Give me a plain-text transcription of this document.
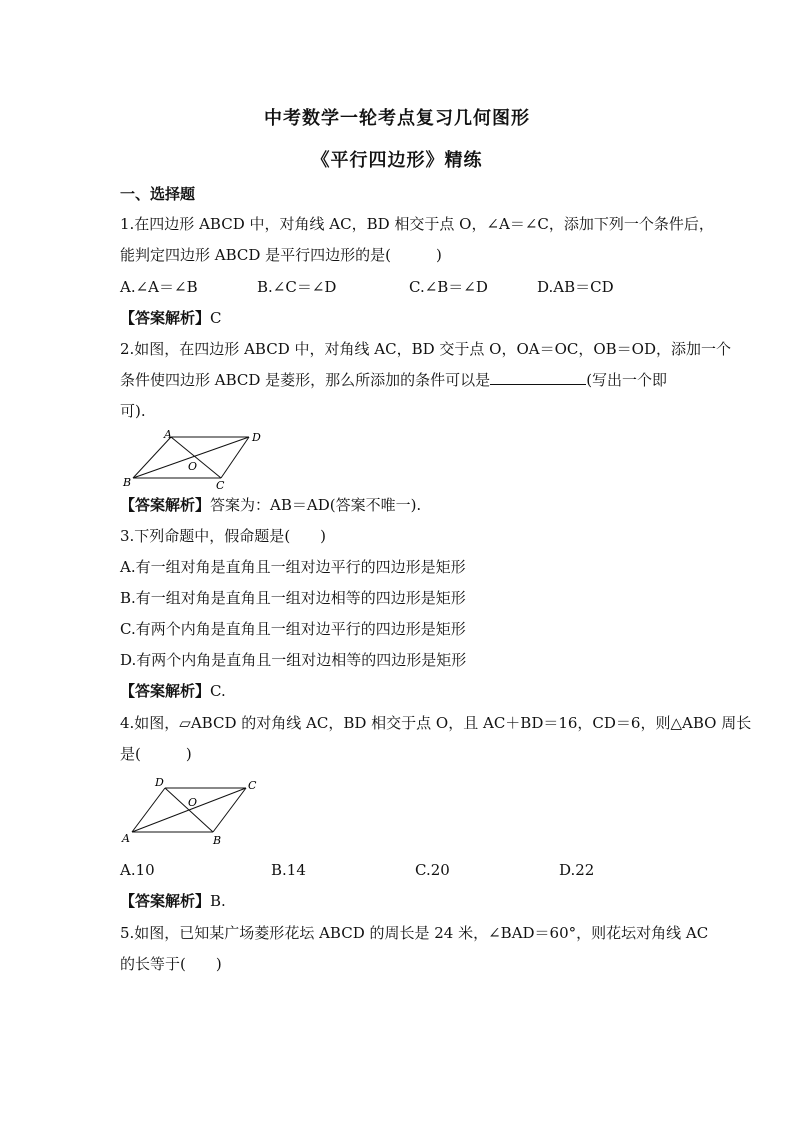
中考数学一轮考点复习几何图形
《平行四边形》精练
一、选择题
1.在四边形 ABCD 中，对角线 AC，BD 相交于点 O，∠A＝∠C，添加下列一个条件后，
能判定四边形 ABCD 是平行四边形的是(　　　)
A.∠A＝∠B	B.∠C＝∠D	C.∠B＝∠D	D.AB＝CD
【答案解析】C
2.如图，在四边形 ABCD 中，对角线 AC，BD 交于点 O，OA＝OC，OB＝OD，添加一个
条件使四边形 ABCD 是菱形，那么所添加的条件可以是	(写出一个即
可).
A	D
B	C
O
【答案解析】答案为：AB＝AD(答案不唯一).
3.下列命题中，假命题是(　　)
A.有一组对角是直角且一组对边平行的四边形是矩形
B.有一组对角是直角且一组对边相等的四边形是矩形
C.有两个内角是直角且一组对边平行的四边形是矩形
D.有两个内角是直角且一组对边相等的四边形是矩形
【答案解析】C.
4.如图，▱ABCD 的对角线 AC，BD 相交于点 O，且 AC＋BD＝16，CD＝6，则△ABO 周长
是(　　　)
D	C
A	B
O
A.10	B.14	C.20	D.22
【答案解析】B.
5.如图，已知某广场菱形花坛 ABCD 的周长是 24 米，∠BAD＝60°，则花坛对角线 AC
的长等于(　　)
